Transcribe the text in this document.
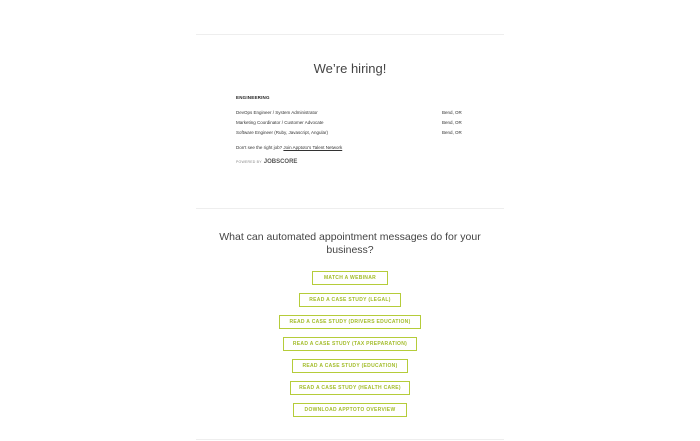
We’re hiring!
ENGINEERING
DevOps Engineer / System Administrator	Bend, OR
Marketing Coordinator / Customer Advocate	Bend, OR
Software Engineer (Ruby, Javascript, Angular)	Bend, OR
Don't see the right job? Join Apptoto's Talent Network
POWERED BY JOBSCORE
What can automated appointment messages do for your business?
MATCH A WEBINAR
READ A CASE STUDY (LEGAL)
READ A CASE STUDY (DRIVERS EDUCATION)
READ A CASE STUDY (TAX PREPARATION)
READ A CASE STUDY (EDUCATION)
READ A CASE STUDY (HEALTH CARE)
DOWNLOAD APPTOTO OVERVIEW
